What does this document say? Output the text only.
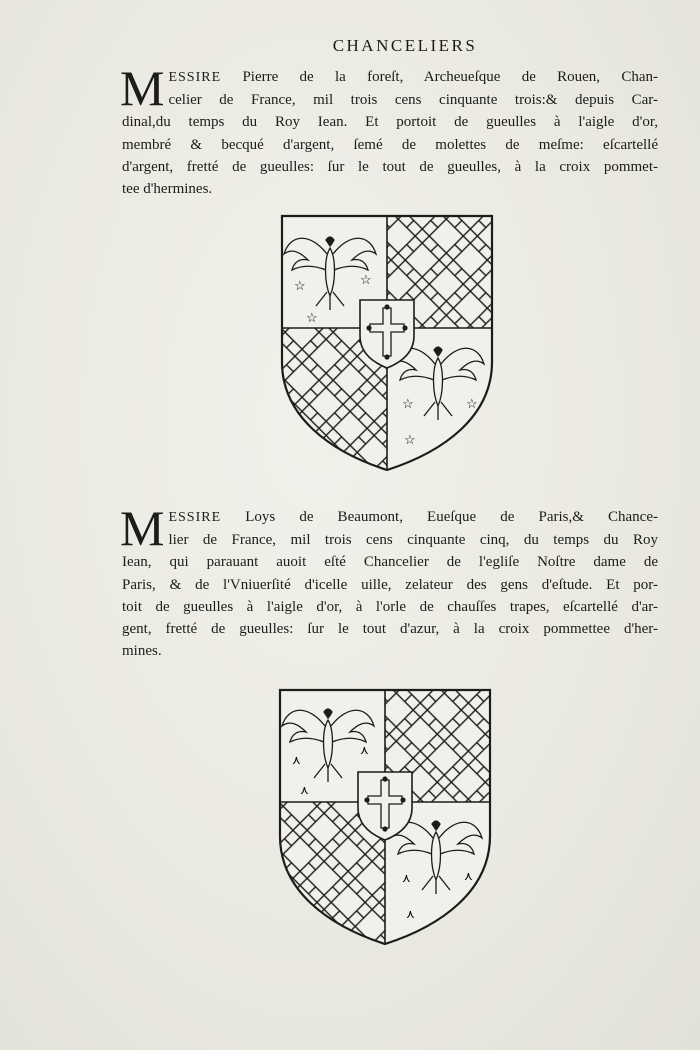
CHANCELIERS
M ESSIRE Pierre de la foreſt, Archeueſque de Rouen, Chan-
celier de France, mil trois cens cinquante trois:& depuis Car-
dinal,du temps du Roy Iean. Et portoit de gueulles à l'aigle d'or,
membré & becqué d'argent, ſemé de molettes de meſme: eſcartellé
d'argent, fretté de gueulles: ſur le tout de gueulles, à la croix pommet-
tee d'hermines.
☆	☆
☆
☆	☆
☆
M ESSIRE Loys de Beaumont, Eueſque de Paris,& Chance-
lier de France, mil trois cens cinquante cinq, du temps du Roy
Iean, qui parauant auoit eſté Chancelier de l'egliſe Noſtre dame de
Paris, & de l'Vniuerſité d'icelle uille, zelateur des gens d'eſtude. Et por-
toit de gueulles à l'aigle d'or, à l'orle de chauſſes trapes, eſcartellé d'ar-
gent, fretté de gueulles: ſur le tout d'azur, à la croix pommettee d'her-
mines.
⋏
⋏
⋏
⋏	⋏
⋏
